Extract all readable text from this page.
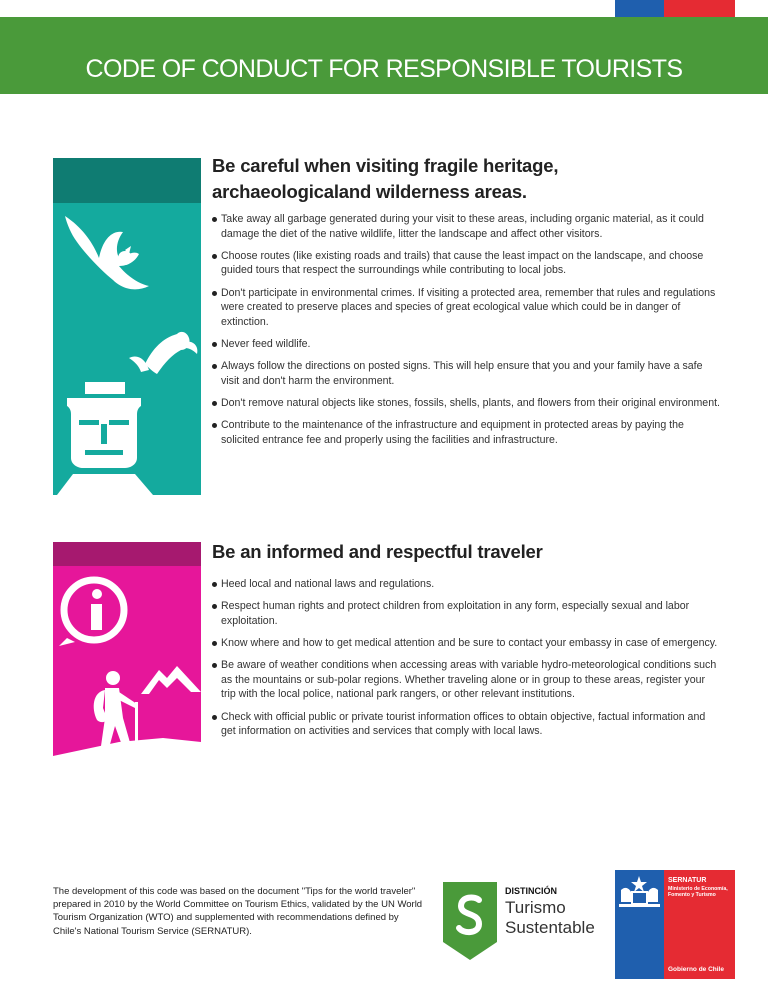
CODE OF CONDUCT FOR RESPONSIBLE TOURISTS
Be careful when visiting fragile heritage,
archaeologicaland wilderness areas.
Take away all garbage generated during your visit to these areas, including organic material, as it could damage the diet of the native wildlife, litter the landscape and affect other visitors.
Choose routes (like existing roads and trails) that cause the least impact on the landscape, and choose guided tours that respect the surroundings while contributing to local jobs.
Don't participate in environmental crimes. If visiting a protected area, remember that rules and regulations were created to preserve places and species of great ecological value which could be in danger of extinction.
Never feed wildlife.
Always follow the directions on posted signs. This will help ensure that you and your family have a safe visit and don't harm the environment.
Don't remove natural objects like stones, fossils, shells, plants, and flowers from their original environment.
Contribute to the maintenance of the infrastructure and equipment in protected areas by paying the solicited entrance fee and properly using the facilities and infrastructure.
Be an informed and respectful traveler
Heed local and national laws and regulations.
Respect human rights and protect children from exploitation in any form, especially sexual and labor exploitation.
Know where and how to get medical attention and be sure to contact your embassy in case of emergency.
Be aware of weather conditions when accessing areas with variable hydro-meteorological conditions such as the mountains or sub-polar regions. Whether traveling alone or in group to these areas, register your trip with the local police, national park rangers, or other relevant institutions.
Check with official public or private tourist information offices to obtain objective, factual information and get information on activities and services that comply with local laws.
The development of this code was based on the document "Tips for the world traveler" prepared in 2010 by the World Committee on Tourism Ethics, validated by the UN World Tourism Organization (WTO) and supplemented with recommendations defined by Chile's National Tourism Service (SERNATUR).
DISTINCIÓN
Turismo
Sustentable
SERNATUR
Ministerio de Economía, Fomento y Turismo
Gobierno de Chile
